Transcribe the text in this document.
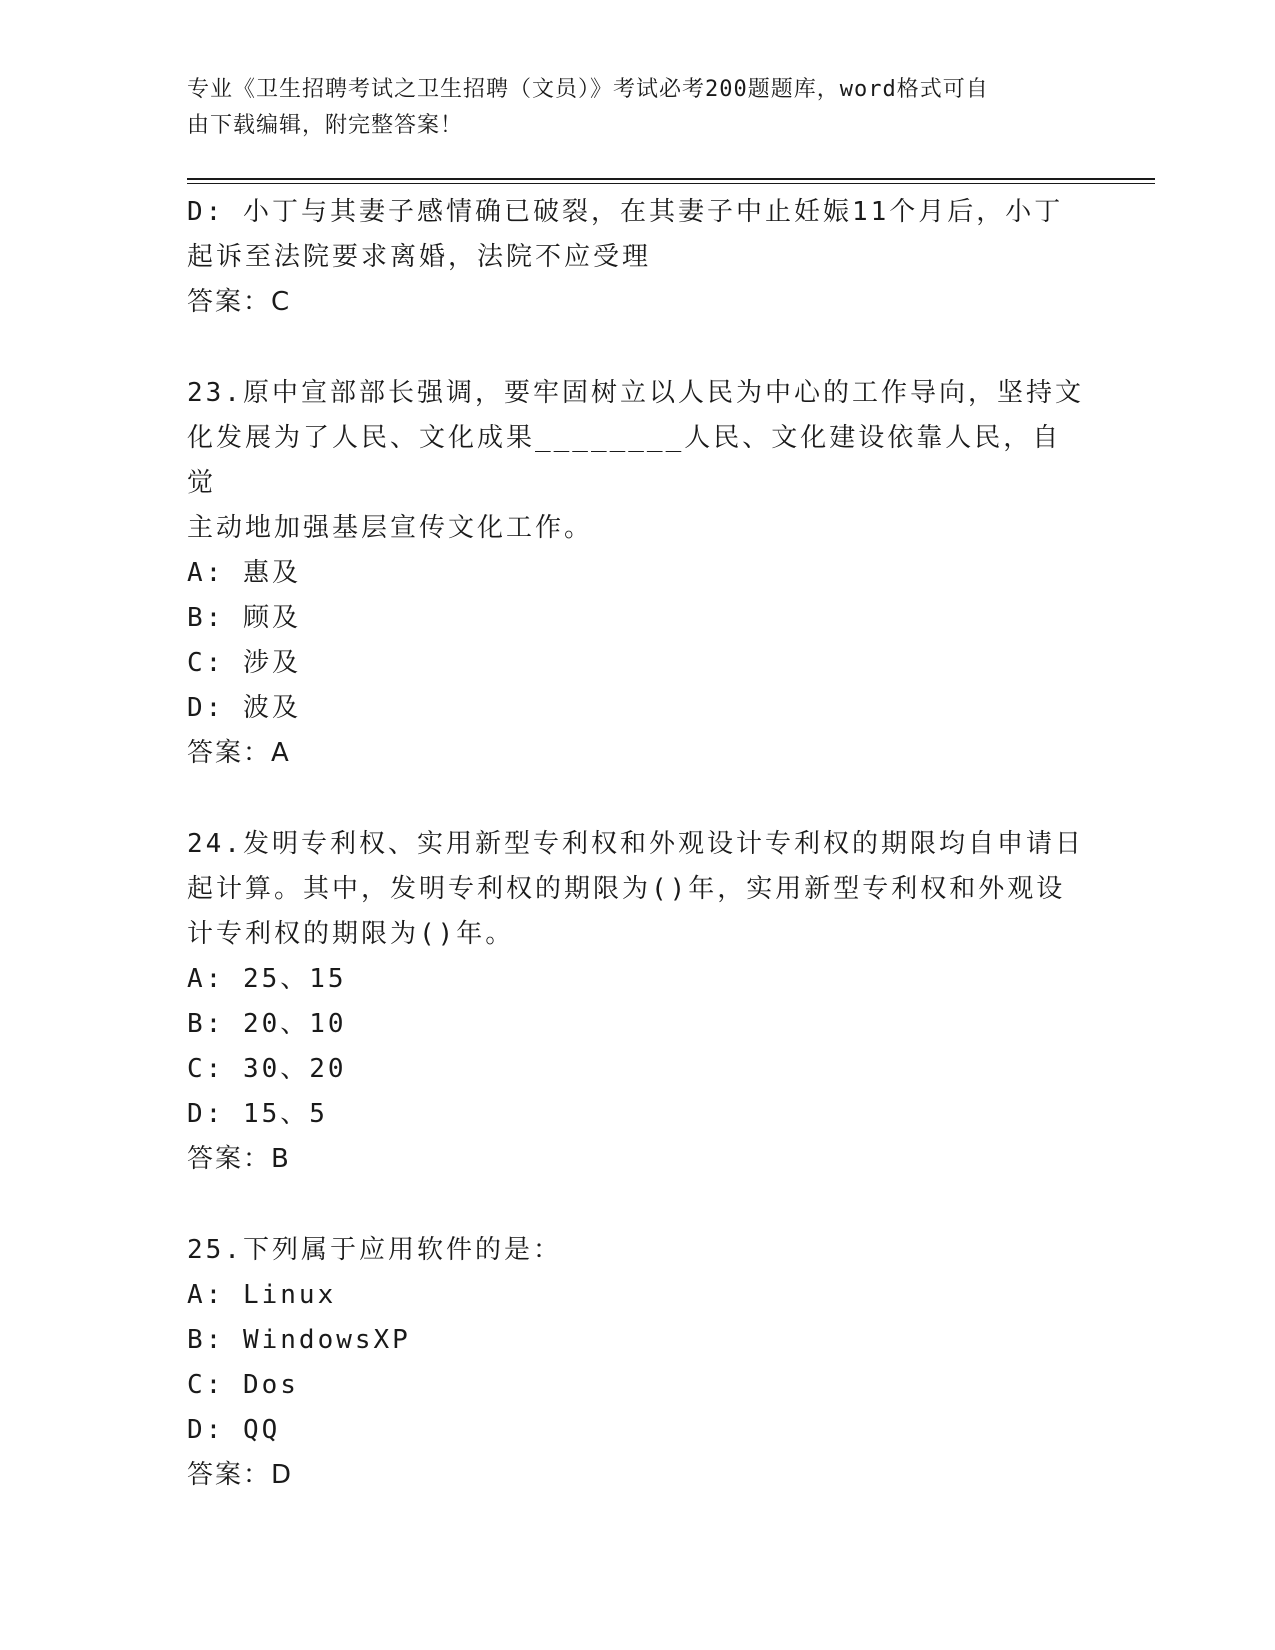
专业《卫生招聘考试之卫生招聘（文员）》考试必考200题题库，word格式可自
由下载编辑，附完整答案！
D: 小丁与其妻子感情确已破裂，在其妻子中止妊娠11个月后，小丁
起诉至法院要求离婚，法院不应受理
答案：C
23.原中宣部部长强调，要牢固树立以人民为中心的工作导向，坚持文
化发展为了人民、文化成果________人民、文化建设依靠人民，自觉
主动地加强基层宣传文化工作。
A: 惠及
B: 顾及
C: 涉及
D: 波及
答案：A
24.发明专利权、实用新型专利权和外观设计专利权的期限均自申请日
起计算。其中，发明专利权的期限为()年，实用新型专利权和外观设
计专利权的期限为()年。
A: 25、15
B: 20、10
C: 30、20
D: 15、5
答案：B
25.下列属于应用软件的是：
A: Linux
B: WindowsXP
C: Dos
D: QQ
答案：D
